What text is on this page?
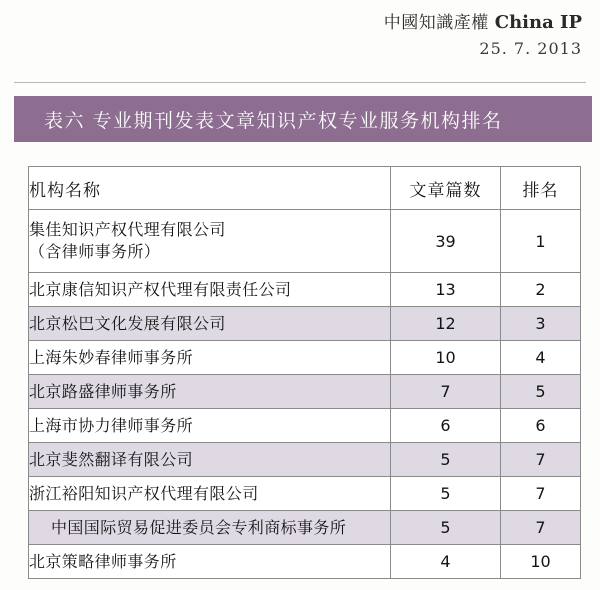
中國知識產權 China IP
25. 7. 2013
表六 专业期刊发表文章知识产权专业服务机构排名
机构名称	文章篇数	排名
集佳知识产权代理有限公司
（含律师事务所）	39	1
北京康信知识产权代理有限责任公司	13	2
北京松巴文化发展有限公司	12	3
上海朱妙春律师事务所	10	4
北京路盛律师事务所	7	5
上海市协力律师事务所	6	6
北京斐然翻译有限公司	5	7
浙江裕阳知识产权代理有限公司	5	7
中国国际贸易促进委员会专利商标事务所	5	7
北京策略律师事务所	4	10
